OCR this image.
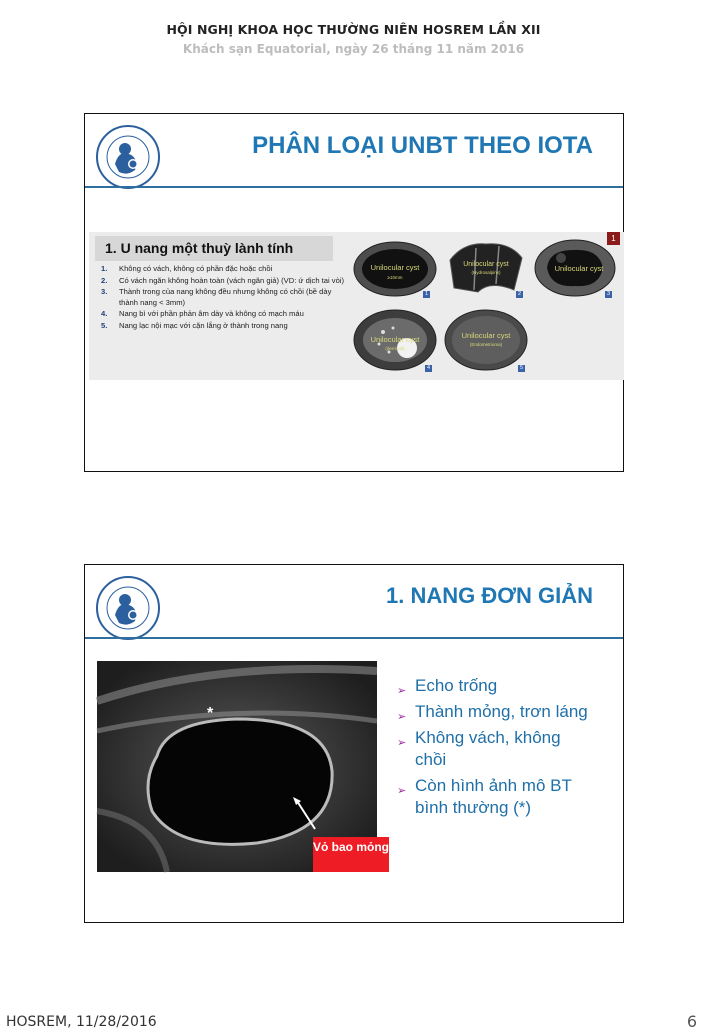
HỘI NGHỊ KHOA HỌC THƯỜNG NIÊN HOSREM LẦN XII
Khách sạn Equatorial, ngày 26 tháng 11 năm 2016
PHÂN LOẠI UNBT THEO IOTA
1. U nang một thuỳ lành tính
1. Không có vách, không có phần đặc hoặc chồi
2. Có vách ngăn không hoàn toàn (vách ngăn giả) (VD: ứ dịch tai vòi)
3. Thành trong của nang không đều nhưng không có chồi (bề dày thành nang < 3mm)
4. Nang bì với phần phản âm dày và không có mạch máu
5. Nang lạc nội mạc với cặn lắng ở thành trong nang
1
Unilocular cyst
≥10mm
1
Unilocular cyst
(Hydrosalpinx)
2
Unilocular cyst
3
Unilocular cyst
(dermoid)
4
Unilocular cyst
(Endometrioma)
5
1. NANG ĐƠN GIẢN
*
Vỏ bao mỏng
➢ Echo trống
➢ Thành mỏng, trơn láng
➢ Không vách, không chồi
➢ Còn hình ảnh mô BT bình thường (*)
HOSREM, 11/28/2016	6
